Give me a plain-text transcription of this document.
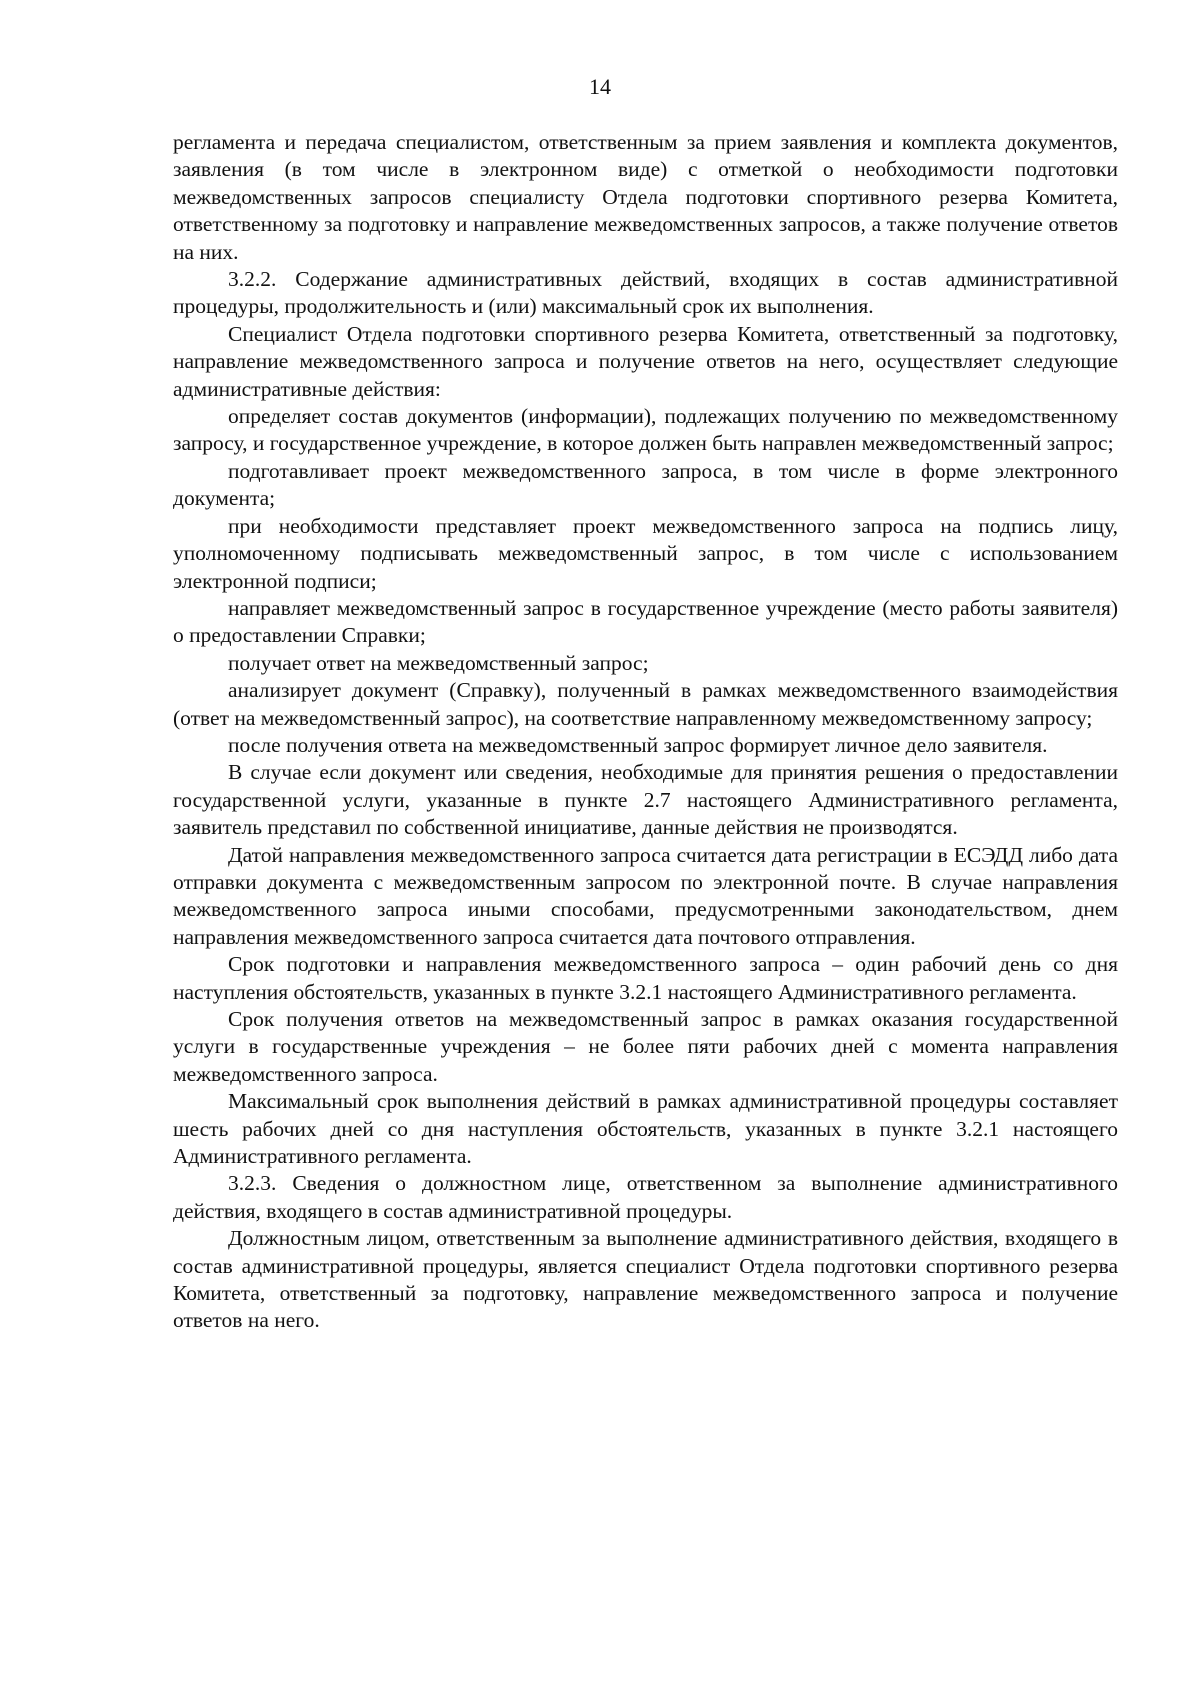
14

регламента и передача специалистом, ответственным за прием заявления и комплекта документов, заявления (в том числе в электронном виде) с отметкой о необходимости подготовки межведомственных запросов специалисту Отдела подготовки спортивного резерва Комитета, ответственному за подготовку и направление межведомственных запросов, а также получение ответов на них.

3.2.2. Содержание административных действий, входящих в состав административной процедуры, продолжительность и (или) максимальный срок их выполнения.

Специалист Отдела подготовки спортивного резерва Комитета, ответственный за подготовку, направление межведомственного запроса и получение ответов на него, осуществляет следующие административные действия:

определяет состав документов (информации), подлежащих получению по межведомственному запросу, и государственное учреждение, в которое должен быть направлен межведомственный запрос;

подготавливает проект межведомственного запроса, в том числе в форме электронного документа;

при необходимости представляет проект межведомственного запроса на подпись лицу, уполномоченному подписывать межведомственный запрос, в том числе с использованием электронной подписи;

направляет межведомственный запрос в государственное учреждение (место работы заявителя) о предоставлении Справки;

получает ответ на межведомственный запрос;

анализирует документ (Справку), полученный в рамках межведомственного взаимодействия (ответ на межведомственный запрос), на соответствие направленному межведомственному запросу;

после получения ответа на межведомственный запрос формирует личное дело заявителя.

В случае если документ или сведения, необходимые для принятия решения о предоставлении государственной услуги, указанные в пункте 2.7 настоящего Административного регламента, заявитель представил по собственной инициативе, данные действия не производятся.

Датой направления межведомственного запроса считается дата регистрации в ЕСЭДД либо дата отправки документа с межведомственным запросом по электронной почте. В случае направления межведомственного запроса иными способами, предусмотренными законодательством, днем направления межведомственного запроса считается дата почтового отправления.

Срок подготовки и направления межведомственного запроса – один рабочий день со дня наступления обстоятельств, указанных в пункте 3.2.1 настоящего Административного регламента.

Срок получения ответов на межведомственный запрос в рамках оказания государственной услуги в государственные учреждения – не более пяти рабочих дней с момента направления межведомственного запроса.

Максимальный срок выполнения действий в рамках административной процедуры составляет шесть рабочих дней со дня наступления обстоятельств, указанных в пункте 3.2.1 настоящего Административного регламента.

3.2.3. Сведения о должностном лице, ответственном за выполнение административного действия, входящего в состав административной процедуры.

Должностным лицом, ответственным за выполнение административного действия, входящего в состав административной процедуры, является специалист Отдела подготовки спортивного резерва Комитета, ответственный за подготовку, направление межведомственного запроса и получение ответов на него.
